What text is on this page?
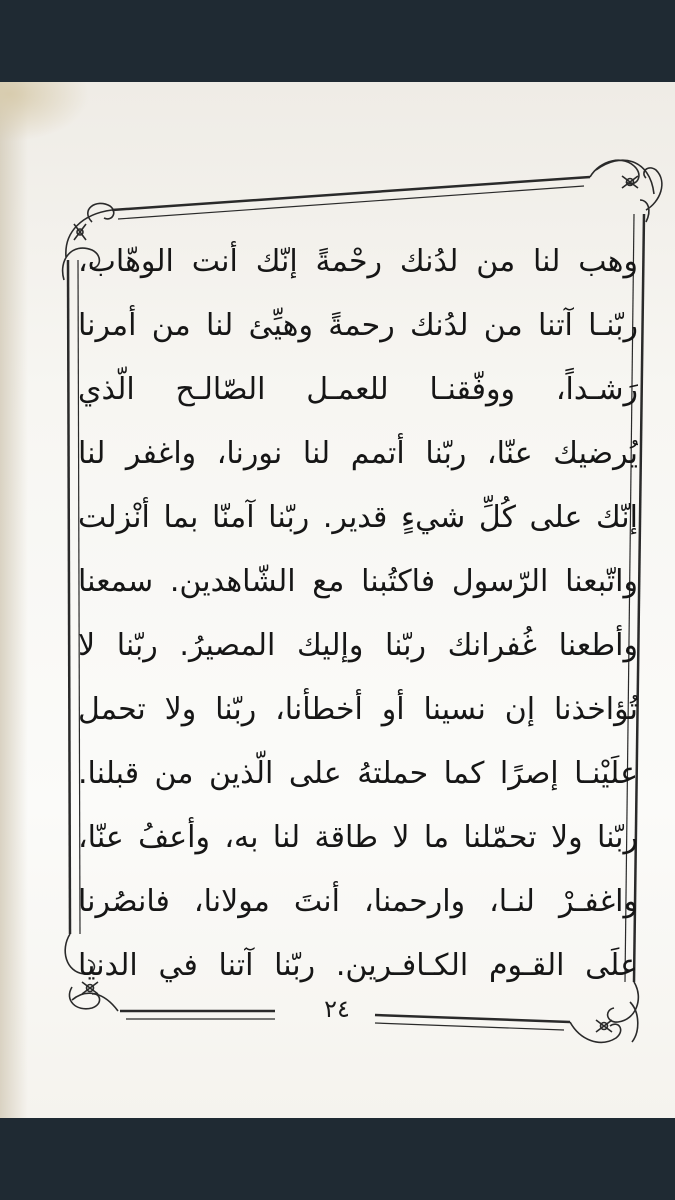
وهب لنا من لدُنك رحْمةً إنّك أنت الوهّاب،
ربّنـا آتنا من لدُنك رحمةً وهيِّئ لنا من أمرنا
رَشـداً، ووفّقنـا للعمـل الصّالـح الّذي
يُرضيك عنّا، ربّنا أتمم لنا نورنا، واغفر لنا
إنّك على كُلِّ شيءٍ قدير. ربّنا آمنّا بما أنْزلت
واتّبعنا الرّسول فاكتُبنا مع الشّاهدين. سمعنا
وأطعنا غُفرانك ربّنا وإليك المصيرُ. ربّنا لا
تُؤاخذنا إن نسينا أو أخطأنا، ربّنا ولا تحمل
علَيْنـا إصرًا كما حملتهُ على الّذين من قبلنا.
ربّنا ولا تحمّلنا ما لا طاقة لنا به، وأعفُ عنّا،
واغفـرْ لنـا، وارحمنا، أنتَ مولانا، فانصُرنا
علَى القـوم الكـافـرين. ربّنا آتنا في الدنيا
٢٤
